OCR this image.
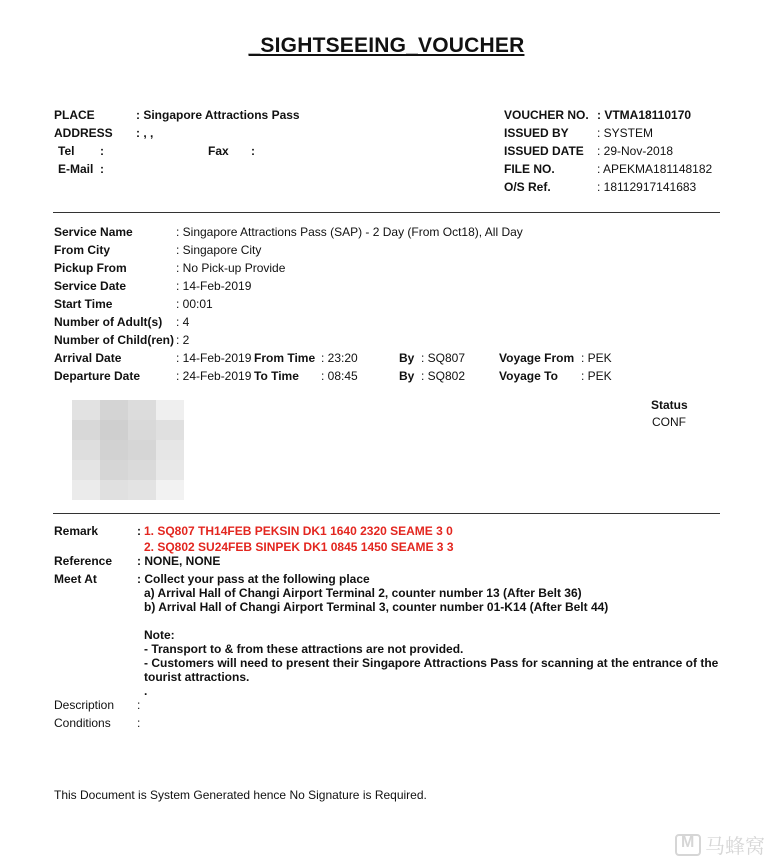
_SIGHTSEEING_VOUCHER
PLACE	: Singapore Attractions Pass
ADDRESS : , ,
Tel :	Fax :
E-Mail :
VOUCHER NO. : VTMA18110170
ISSUED BY : SYSTEM
ISSUED DATE : 29-Nov-2018
FILE NO.	: APEKMA181148182
O/S Ref.	: 18112917141683
Service Name	: Singapore Attractions Pass (SAP) - 2 Day (From Oct18), All Day
From City	: Singapore City
Pickup From	: No Pick-up Provide
Service Date	: 14-Feb-2019
Start Time	: 00:01
Number of Adult(s) : 4
Number of Child(ren) : 2
Arrival Date	: 14-Feb-2019 From Time : 23:20	By : SQ807	Voyage From : PEK
Departure Date	: 24-Feb-2019 To Time : 08:45	By : SQ802	Voyage To : PEK
Status
CONF
Remark	: 1. SQ807 TH14FEB PEKSIN DK1 1640 2320 SEAME 3 0
2. SQ802 SU24FEB SINPEK DK1 0845 1450 SEAME 3 3
Reference : NONE, NONE
Meet At	: Collect your pass at the following place
a) Arrival Hall of Changi Airport Terminal 2, counter number 13 (After Belt 36)
b) Arrival Hall of Changi Airport Terminal 3, counter number 01-K14 (After Belt 44)
Note:
- Transport to & from these attractions are not provided.
- Customers will need to present their Singapore Attractions Pass for scanning at the entrance of the
tourist attractions.
.
Description :
Conditions :
This Document is System Generated hence No Signature is Required.
M
马蜂窝
